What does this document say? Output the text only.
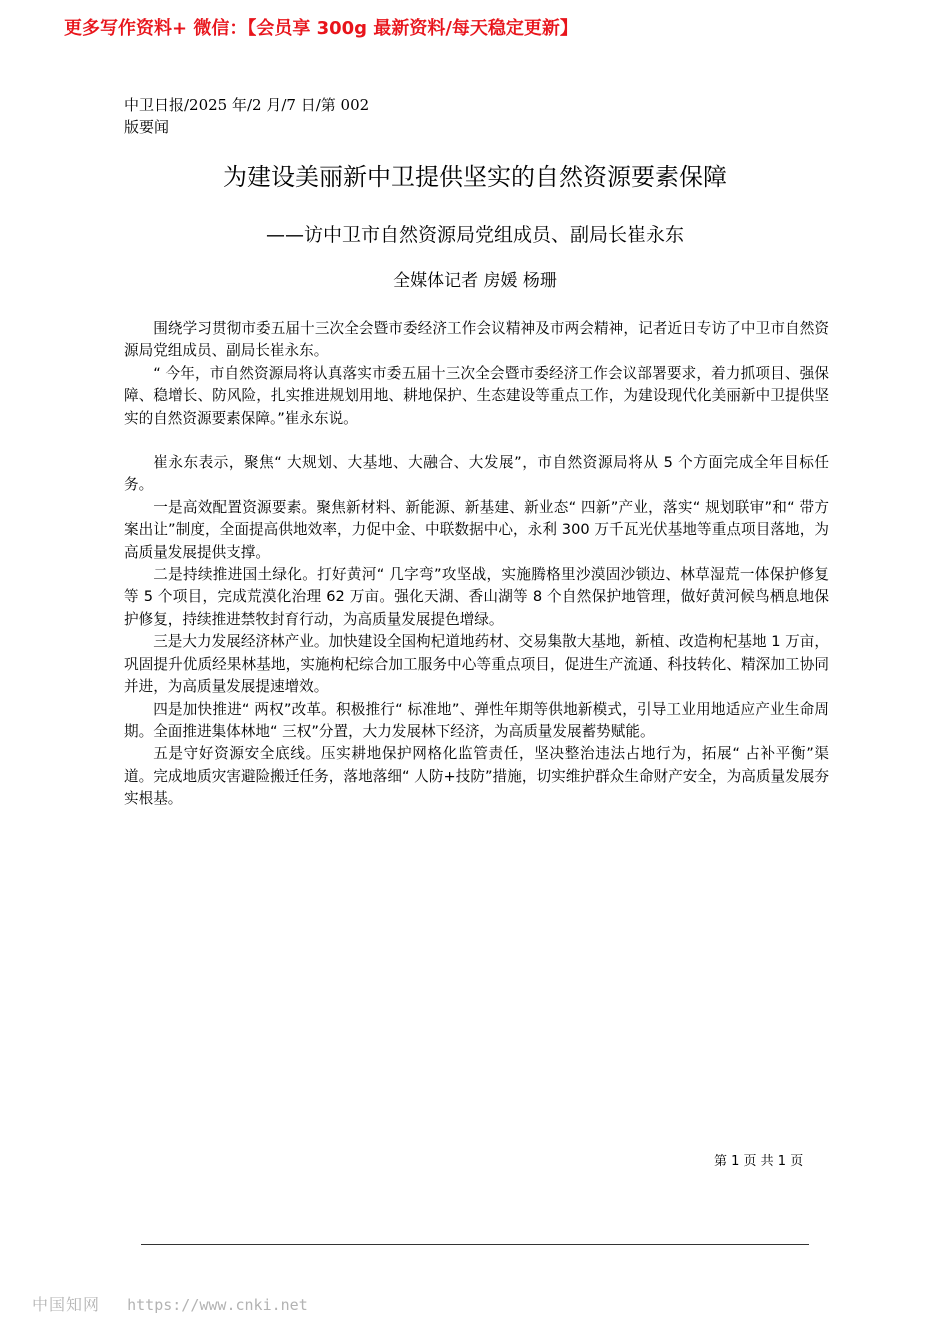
更多写作资料+ 微信：【会员享 300g 最新资料/每天稳定更新】
中卫日报/2025 年/2 月/7 日/第 002
版要闻
为建设美丽新中卫提供坚实的自然资源要素保障
——访中卫市自然资源局党组成员、副局长崔永东
全媒体记者 房媛 杨珊

围绕学习贯彻市委五届十三次全会暨市委经济工作会议精神及市两会精神，记者近日专访了中卫市自然资源局党组成员、副局长崔永东。

“ 今年，市自然资源局将认真落实市委五届十三次全会暨市委经济工作会议部署要求，着力抓项目、强保障、稳增长、防风险，扎实推进规划用地、耕地保护、生态建设等重点工作，为建设现代化美丽新中卫提供坚实的自然资源要素保障。”崔永东说。

崔永东表示，聚焦“ 大规划、大基地、大融合、大发展”，市自然资源局将从 5 个方面完成全年目标任务。

一是高效配置资源要素。聚焦新材料、新能源、新基建、新业态“ 四新”产业，落实“ 规划联审”和“ 带方案出让”制度，全面提高供地效率，力促中金、中联数据中心，永利 300 万千瓦光伏基地等重点项目落地，为高质量发展提供支撑。

二是持续推进国土绿化。打好黄河“ 几字弯”攻坚战，实施腾格里沙漠固沙锁边、林草湿荒一体保护修复等 5 个项目，完成荒漠化治理 62 万亩。强化天湖、香山湖等 8 个自然保护地管理，做好黄河候鸟栖息地保护修复，持续推进禁牧封育行动，为高质量发展提色增绿。

三是大力发展经济林产业。加快建设全国枸杞道地药材、交易集散大基地，新植、改造枸杞基地 1 万亩，巩固提升优质经果林基地，实施枸杞综合加工服务中心等重点项目，促进生产流通、科技转化、精深加工协同并进，为高质量发展提速增效。

四是加快推进“ 两权”改革。积极推行“ 标准地”、弹性年期等供地新模式，引导工业用地适应产业生命周期。全面推进集体林地“ 三权”分置，大力发展林下经济，为高质量发展蓄势赋能。

五是守好资源安全底线。压实耕地保护网格化监管责任，坚决整治违法占地行为，拓展“ 占补平衡”渠道。完成地质灾害避险搬迁任务，落地落细“ 人防+技防”措施，切实维护群众生命财产安全，为高质量发展夯实根基。

第 1 页 共 1 页
中国知网 https://www.cnki.net
